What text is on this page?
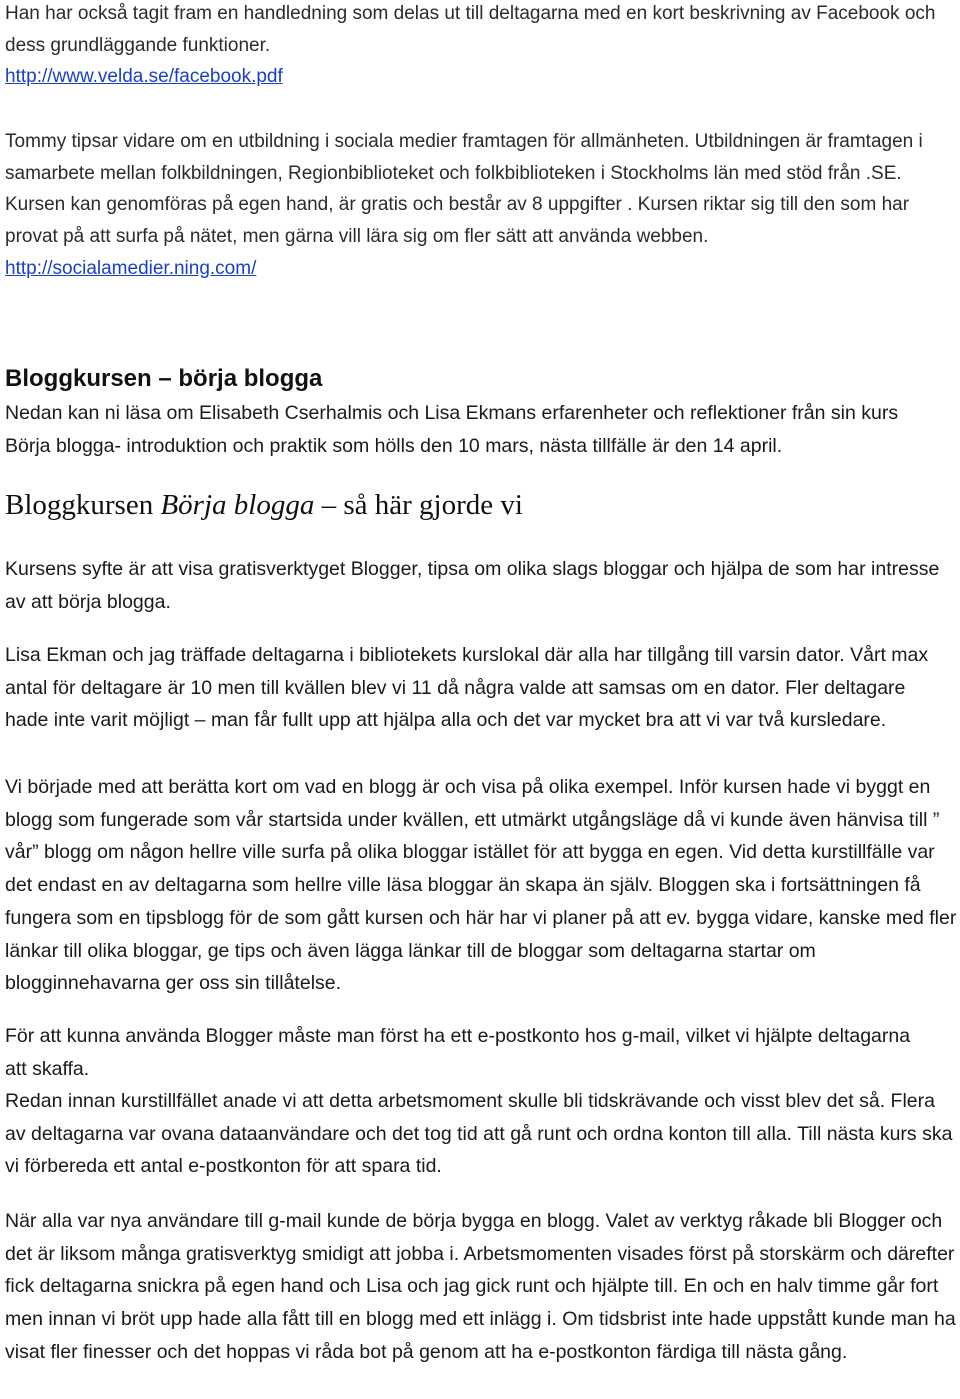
Han har också tagit fram en handledning som delas ut till deltagarna med en kort beskrivning av Facebook och dess grundläggande funktioner.
http://www.velda.se/facebook.pdf

Tommy tipsar vidare om en utbildning i sociala medier framtagen för allmänheten. Utbildningen är framtagen i samarbete mellan folkbildningen, Regionbiblioteket och folkbiblioteken i Stockholms län med stöd från .SE. Kursen kan genomföras på egen hand, är gratis och består av 8 uppgifter . Kursen riktar sig till den som har provat på att surfa på nätet, men gärna vill lära sig om fler sätt att använda webben.
http://socialamedier.ning.com/

Bloggkursen – börja blogga

Nedan kan ni läsa om Elisabeth Cserhalmis och Lisa Ekmans erfarenheter och reflektioner från sin kurs Börja blogga- introduktion och praktik som hölls den 10 mars, nästa tillfälle är den 14 april.

Bloggkursen Börja blogga – så här gjorde vi

Kursens syfte är att visa gratisverktyget Blogger, tipsa om olika slags bloggar och hjälpa de som har intresse av att börja blogga.

Lisa Ekman och jag träffade deltagarna i bibliotekets kurslokal där alla har tillgång till varsin dator. Vårt max antal för deltagare är 10 men till kvällen blev vi 11 då några valde att samsas om en dator. Fler deltagare hade inte varit möjligt – man får fullt upp att hjälpa alla och det var mycket bra att vi var två kursledare.

Vi började med att berätta kort om vad en blogg är och visa på olika exempel. Inför kursen hade vi byggt en blogg som fungerade som vår startsida under kvällen, ett utmärkt utgångsläge då vi kunde även hänvisa till ” vår” blogg om någon hellre ville surfa på olika bloggar istället för att bygga en egen. Vid detta kurstillfälle var det endast en av deltagarna som hellre ville läsa bloggar än skapa än själv. Bloggen ska i fortsättningen få fungera som en tipsblogg för de som gått kursen och här har vi planer på att ev. bygga vidare, kanske med fler länkar till olika bloggar, ge tips och även lägga länkar till de bloggar som deltagarna startar om blogginnehavarna ger oss sin tillåtelse.

För att kunna använda Blogger måste man först ha ett e-postkonto hos g-mail, vilket vi hjälpte deltagarna att skaffa.

Redan innan kurstillfället anade vi att detta arbetsmoment skulle bli tidskrävande och visst blev det så. Flera av deltagarna var ovana dataanvändare och det tog tid att gå runt och ordna konton till alla. Till nästa kurs ska vi förbereda ett antal e-postkonton för att spara tid.

När alla var nya användare till g-mail kunde de börja bygga en blogg. Valet av verktyg råkade bli Blogger och det är liksom många gratisverktyg smidigt att jobba i. Arbetsmomenten visades först på storskärm och därefter fick deltagarna snickra på egen hand och Lisa och jag gick runt och hjälpte till. En och en halv timme går fort men innan vi bröt upp hade alla fått till en blogg med ett inlägg i. Om tidsbrist inte hade uppstått kunde man ha visat fler finesser och det hoppas vi råda bot på genom att ha e-postkonton färdiga till nästa gång.
